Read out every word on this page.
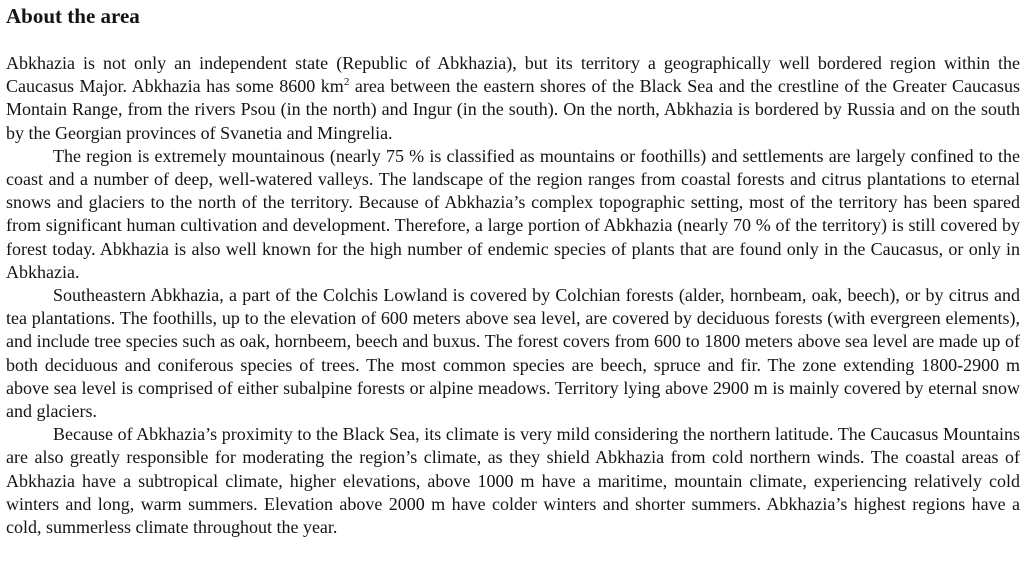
About the area

Abkhazia is not only an independent state (Republic of Abkhazia), but its territory a geographically well bordered region within the Caucasus Major. Abkhazia has some 8600 $km^2$ area between the eastern shores of the Black Sea and the crestline of the Greater Caucasus Montain Range, from the rivers Psou (in the north) and Ingur (in the south). On the north, Abkhazia is bordered by Russia and on the south by the Georgian provinces of Svanetia and Mingrelia.

The region is extremely mountainous (nearly 75 % is classified as mountains or foothills) and settlements are largely confined to the coast and a number of deep, well-watered valleys. The landscape of the region ranges from coastal forests and citrus plantations to eternal snows and glaciers to the north of the territory. Because of Abkhazia’s complex topographic setting, most of the territory has been spared from significant human cultivation and development. Therefore, a large portion of Abkhazia (nearly 70 % of the territory) is still covered by forest today. Abkhazia is also well known for the high number of endemic species of plants that are found only in the Caucasus, or only in Abkhazia.

Southeastern Abkhazia, a part of the Colchis Lowland is covered by Colchian forests (alder, hornbeam, oak, beech), or by citrus and tea plantations. The foothills, up to the elevation of 600 meters above sea level, are covered by deciduous forests (with evergreen elements), and include tree species such as oak, hornbeem, beech and buxus. The forest covers from 600 to 1800 meters above sea level are made up of both deciduous and coniferous species of trees. The most common species are beech, spruce and fir. The zone extending 1800-2900 m above sea level is comprised of either subalpine forests or alpine meadows. Territory lying above 2900 m is mainly covered by eternal snow and glaciers.

Because of Abkhazia’s proximity to the Black Sea, its climate is very mild considering the northern latitude. The Caucasus Mountains are also greatly responsible for moderating the region’s climate, as they shield Abkhazia from cold northern winds. The coastal areas of Abkhazia have a subtropical climate, higher elevations, above 1000 m have a maritime, mountain climate, experiencing relatively cold winters and long, warm summers. Elevation above 2000 m have colder winters and shorter summers. Abkhazia’s highest regions have a cold, summerless climate throughout the year.
